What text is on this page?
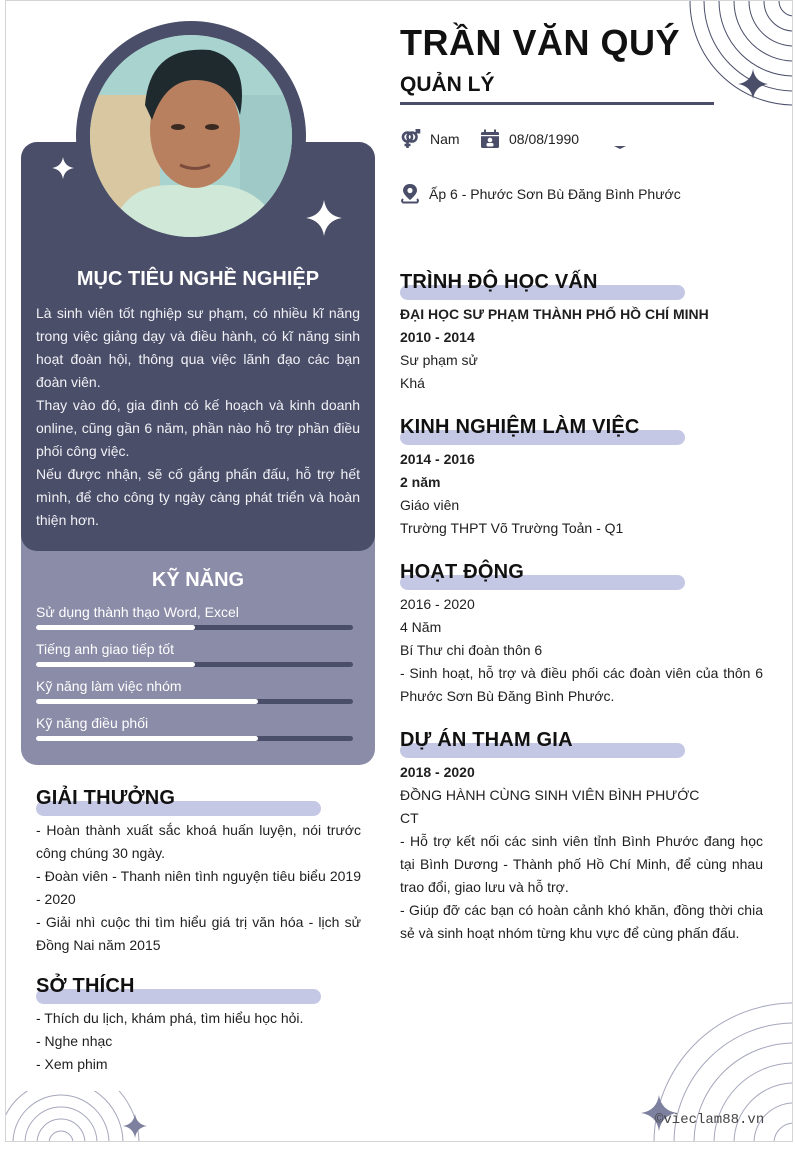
MỤC TIÊU NGHỀ NGHIỆP

Là sinh viên tốt nghiệp sư phạm, có nhiều kĩ năng trong việc giảng dạy và điều hành, có kĩ năng sinh hoạt đoàn hội, thông qua việc lãnh đạo các bạn đoàn viên.

Thay vào đó, gia đình có kế hoạch và kinh doanh online, cũng gần 6 năm, phần nào hỗ trợ phần điều phối công việc.

Nếu được nhận, sẽ cố gắng phấn đấu, hỗ trợ hết mình, để cho công ty ngày càng phát triển và hoàn thiện hơn.

KỸ NĂNG
Sử dụng thành thạo Word, Excel
Tiếng anh giao tiếp tốt
Kỹ năng làm việc nhóm
Kỹ năng điều phối
GIẢI THƯỞNG
- Hoàn thành xuất sắc khoá huấn luyện, nói trước công chúng 30 ngày.
- Đoàn viên - Thanh niên tình nguyện tiêu biểu 2019 - 2020
- Giải nhì cuộc thi tìm hiểu giá trị văn hóa - lịch sử Đồng Nai năm 2015
SỞ THÍCH
- Thích du lịch, khám phá, tìm hiểu học hỏi.
- Nghe nhạc
- Xem phim
TRẦN VĂN QUÝ
QUẢN LÝ
Nam	08/08/1990
Ấp 6 - Phước Sơn Bù Đăng Bình Phước
TRÌNH ĐỘ HỌC VẤN
ĐẠI HỌC SƯ PHẠM THÀNH PHỐ HỒ CHÍ MINH
2010 - 2014
Sư phạm sử
Khá
KINH NGHIỆM LÀM VIỆC
2014 - 2016
2 năm
Giáo viên
Trường THPT Võ Trường Toản - Q1
HOẠT ĐỘNG
2016 - 2020
4 Năm
Bí Thư chi đoàn thôn 6
- Sinh hoạt, hỗ trợ và điều phối các đoàn viên của thôn 6 Phước Sơn Bù Đăng Bình Phước.
DỰ ÁN THAM GIA
2018 - 2020
ĐỒNG HÀNH CÙNG SINH VIÊN BÌNH PHƯỚC
CT
- Hỗ trợ kết nối các sinh viên tỉnh Bình Phước đang học tại Bình Dương - Thành phố Hồ Chí Minh, để cùng nhau trao đổi, giao lưu và hỗ trợ.
- Giúp đỡ các bạn có hoàn cảnh khó khăn, đồng thời chia sẻ và sinh hoạt nhóm từng khu vực để cùng phấn đấu.
©vieclam88.vn
